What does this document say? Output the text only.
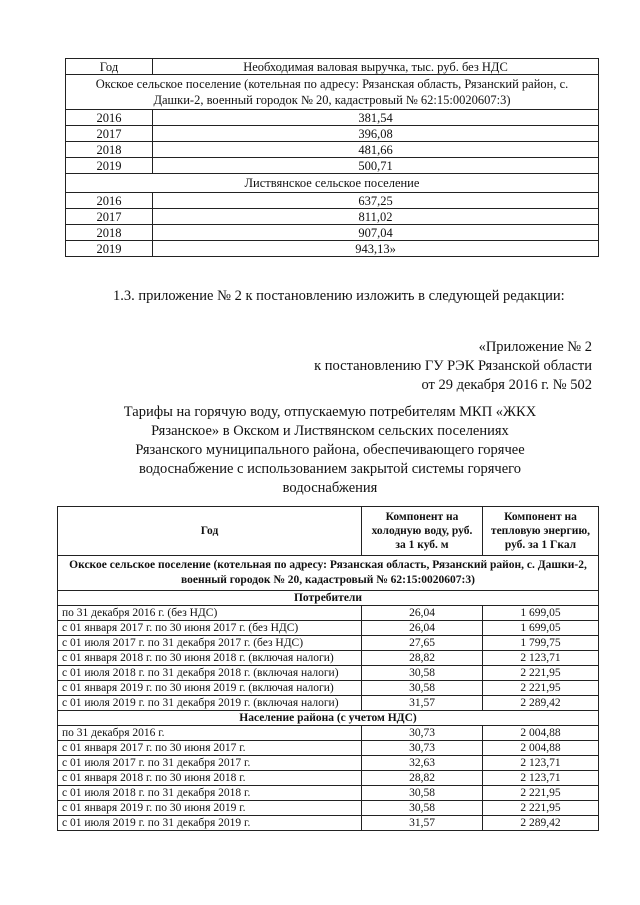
Год	Необходимая валовая выручка, тыс. руб. без НДС
Окское сельское поселение (котельная по адресу: Рязанская область, Рязанский район, с. Дашки-2, военный городок № 20, кадастровый № 62:15:0020607:3)	
2016	381,54
2017	396,08
2018	481,66
2019	500,71
Листвянское сельское поселение	
2016	637,25
2017	811,02
2018	907,04
2019	943,13»
1.3. приложение № 2 к постановлению изложить в следующей редакции:
«Приложение № 2
к постановлению ГУ РЭК Рязанской области
от 29 декабря 2016 г. № 502
Тарифы на горячую воду, отпускаемую потребителям МКП «ЖКХ Рязанское» в Окском и Листвянском сельских поселениях Рязанского муниципального района, обеспечивающего горячее водоснабжение с использованием закрытой системы горячего водоснабжения
Год	Компонент на холодную воду, руб. за 1 куб. м	Компонент на тепловую энергию, руб. за 1 Гкал
Окское сельское поселение (котельная по адресу: Рязанская область, Рязанский район, с. Дашки-2, военный городок № 20, кадастровый № 62:15:0020607:3)		
Потребители		
по 31 декабря 2016 г. (без НДС)	26,04	1 699,05
с 01 января 2017 г. по 30 июня 2017 г. (без НДС)	26,04	1 699,05
с 01 июля 2017 г. по 31 декабря 2017 г. (без НДС)	27,65	1 799,75
с 01 января 2018 г. по 30 июня 2018 г. (включая налоги)	28,82	2 123,71
с 01 июля 2018 г. по 31 декабря 2018 г. (включая налоги)	30,58	2 221,95
с 01 января 2019 г. по 30 июня 2019 г. (включая налоги)	30,58	2 221,95
с 01 июля 2019 г. по 31 декабря 2019 г. (включая налоги)	31,57	2 289,42
Население района (с учетом НДС)		
по 31 декабря 2016 г.	30,73	2 004,88
с 01 января 2017 г. по 30 июня 2017 г.	30,73	2 004,88
с 01 июля 2017 г. по 31 декабря 2017 г.	32,63	2 123,71
с 01 января 2018 г. по 30 июня 2018 г.	28,82	2 123,71
с 01 июля 2018 г. по 31 декабря 2018 г.	30,58	2 221,95
с 01 января 2019 г. по 30 июня 2019 г.	30,58	2 221,95
с 01 июля 2019 г. по 31 декабря 2019 г.	31,57	2 289,42
